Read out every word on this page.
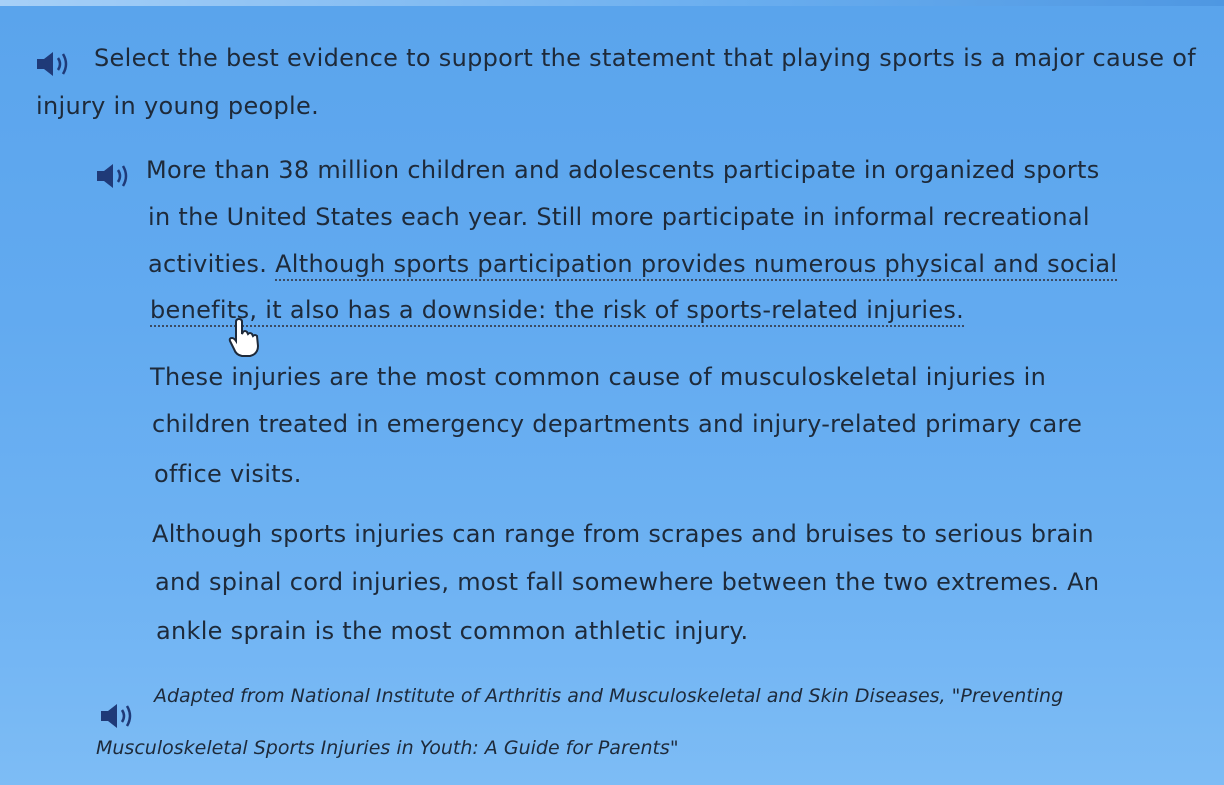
Select the best evidence to support the statement that playing sports is a major cause of
injury in young people.
More than 38 million children and adolescents participate in organized sports
in the United States each year. Still more participate in informal recreational
activities. Although sports participation provides numerous physical and social
benefits, it also has a downside: the risk of sports-related injuries.
These injuries are the most common cause of musculoskeletal injuries in
children treated in emergency departments and injury-related primary care
office visits.
Although sports injuries can range from scrapes and bruises to serious brain
and spinal cord injuries, most fall somewhere between the two extremes. An
ankle sprain is the most common athletic injury.
Adapted from National Institute of Arthritis and Musculoskeletal and Skin Diseases, "Preventing
Musculoskeletal Sports Injuries in Youth: A Guide for Parents"
